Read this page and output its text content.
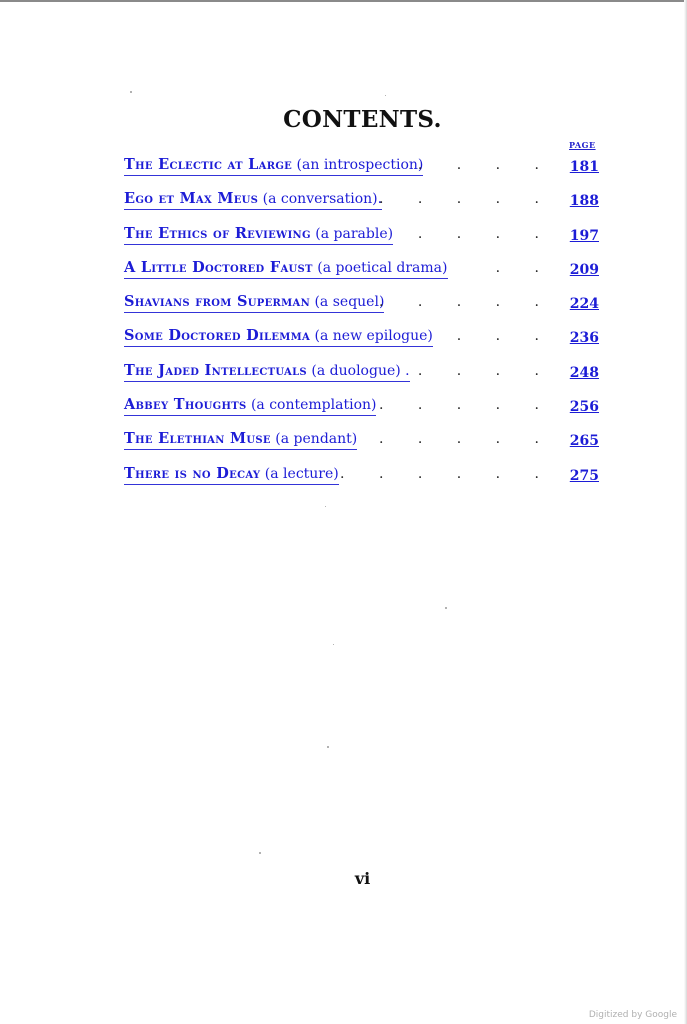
CONTENTS.
PAGE
The Eclectic at Large (an introspection)
. . . . 181
Ego et Max Meus (a conversation).
. . . . . 188
The Ethics of Reviewing (a parable) . . . . 197
A Little Doctored Faust (a poetical drama)	. . 209
Shavians from Superman (a sequel)
. . . . . 224
Some Doctored Dilemma (a new epilogue) . . . 236
The Jaded Intellectuals (a duologue) . . . . . 248
Abbey Thoughts (a contemplation) . . . . . 256
The Elethian Muse (a pendant) . . . . . 265
There is no Decay (a lecture) . . . . . . 275
vi
Digitized by Google
